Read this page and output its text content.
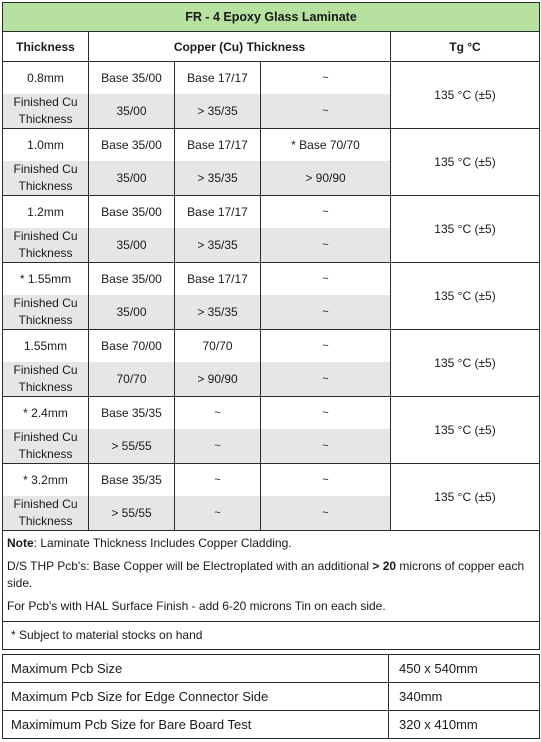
FR - 4 Epoxy Glass Laminate				
Thickness	Copper (Cu) Thickness			Tg °C
0.8mm	Base 35/00	Base 17/17	~	135 °C (±5)
Finished Cu
Thickness	35/00	> 35/35	~	
1.0mm	Base 35/00	Base 17/17	* Base 70/70	135 °C (±5)
Finished Cu
Thickness	35/00	> 35/35	> 90/90	
1.2mm	Base 35/00	Base 17/17	~	135 °C (±5)
Finished Cu
Thickness	35/00	> 35/35	~	
* 1.55mm	Base 35/00	Base 17/17	~	135 °C (±5)
Finished Cu
Thickness	35/00	> 35/35	~	
1.55mm	Base 70/00	70/70	~	135 °C (±5)
Finished Cu
Thickness	70/70	> 90/90	~	
* 2.4mm	Base 35/35	~	~	135 °C (±5)
Finished Cu
Thickness	> 55/55	~	~	
* 3.2mm	Base 35/35	~	~	135 °C (±5)
Finished Cu
Thickness	> 55/55	~	~	
Note: Laminate Thickness Includes Copper Cladding.				
D/S THP Pcb's: Base Copper will be Electroplated with an additional > 20 microns of copper each side.				
For Pcb's with HAL Surface Finish - add 6-20 microns Tin on each side.				
* Subject to material stocks on hand				
Maximum Pcb Size	450 x 540mm
Maximum Pcb Size for Edge Connector Side	340mm
Maximimum Pcb Size for Bare Board Test	320 x 410mm
